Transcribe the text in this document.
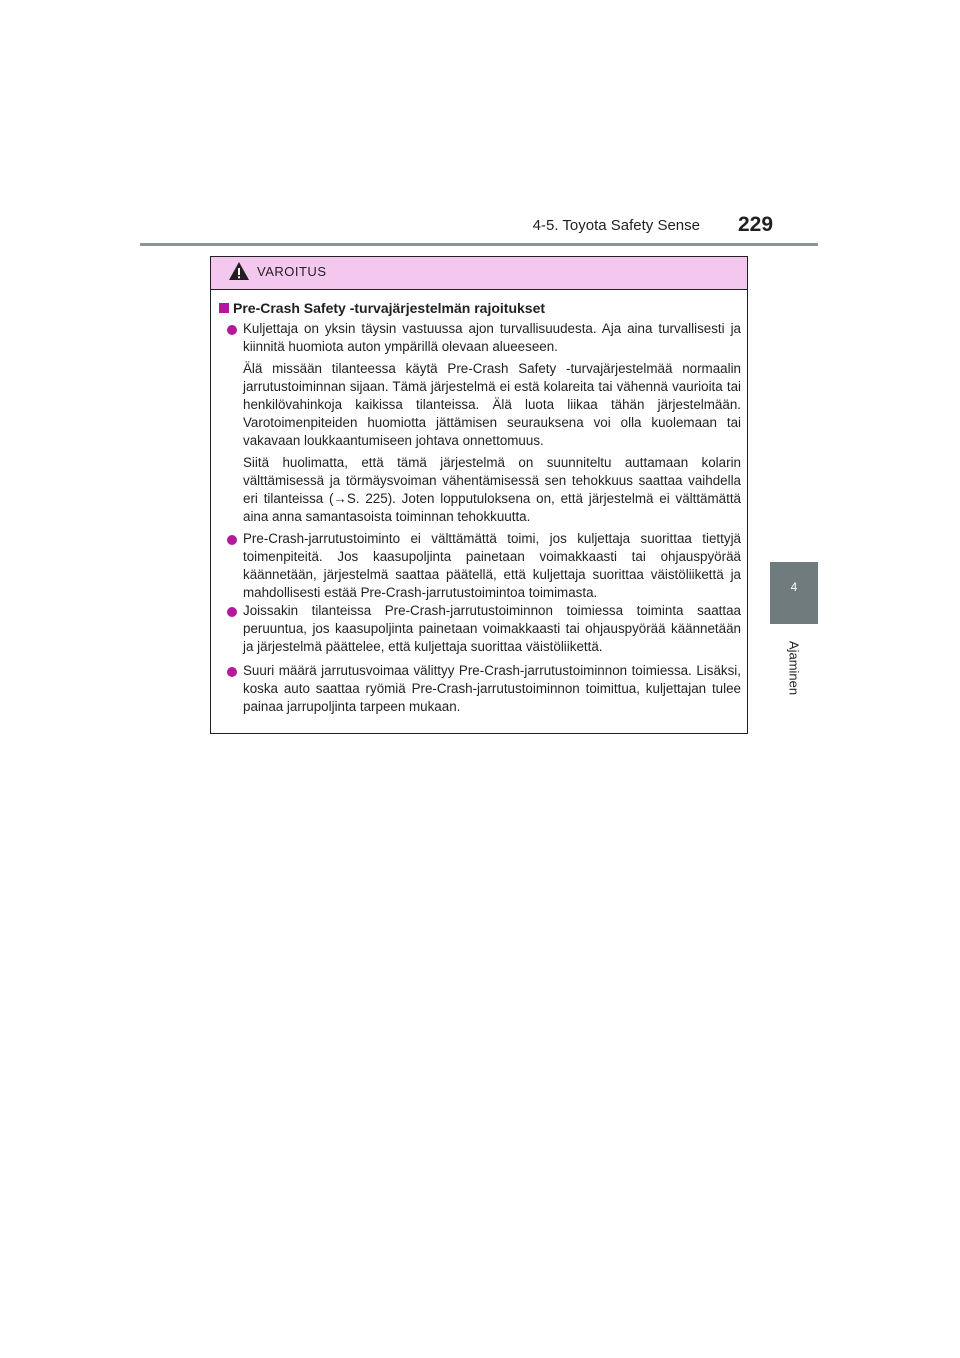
4-5. Toyota Safety Sense 229
4
Ajaminen
VAROITUS
Pre-Crash Safety -turvajärjestelmän rajoitukset
Kuljettaja on yksin täysin vastuussa ajon turvallisuudesta. Aja aina turvallisesti ja kiinnitä huomiota auton ympärillä olevaan alueeseen.
Älä missään tilanteessa käytä Pre-Crash Safety -turvajärjestelmää normaalin jarrutustoiminnan sijaan. Tämä järjestelmä ei estä kolareita tai vähennä vaurioita tai henkilövahinkoja kaikissa tilanteissa. Älä luota liikaa tähän järjestelmään. Varotoimenpiteiden huomiotta jättämisen seurauksena voi olla kuolemaan tai vakavaan loukkaantumiseen johtava onnettomuus.
Siitä huolimatta, että tämä järjestelmä on suunniteltu auttamaan kolarin välttämisessä ja törmäysvoiman vähentämisessä sen tehokkuus saattaa vaihdella eri tilanteissa (→S. 225). Joten lopputuloksena on, että järjestelmä ei välttämättä aina anna samantasoista toiminnan tehokkuutta.
Pre-Crash-jarrutustoiminto ei välttämättä toimi, jos kuljettaja suorittaa tiettyjä toimenpiteitä. Jos kaasupoljinta painetaan voimakkaasti tai ohjauspyörää käännetään, järjestelmä saattaa päätellä, että kuljettaja suorittaa väistöliikettä ja mahdollisesti estää Pre-Crash-jarrutustoimintoa toimimasta.
Joissakin tilanteissa Pre-Crash-jarrutustoiminnon toimiessa toiminta saattaa peruuntua, jos kaasupoljinta painetaan voimakkaasti tai ohjauspyörää käännetään ja järjestelmä päättelee, että kuljettaja suorittaa väistöliikettä.
Suuri määrä jarrutusvoimaa välittyy Pre-Crash-jarrutustoiminnon toimiessa. Lisäksi, koska auto saattaa ryömiä Pre-Crash-jarrutustoiminnon toimittua, kuljettajan tulee painaa jarrupoljinta tarpeen mukaan.
